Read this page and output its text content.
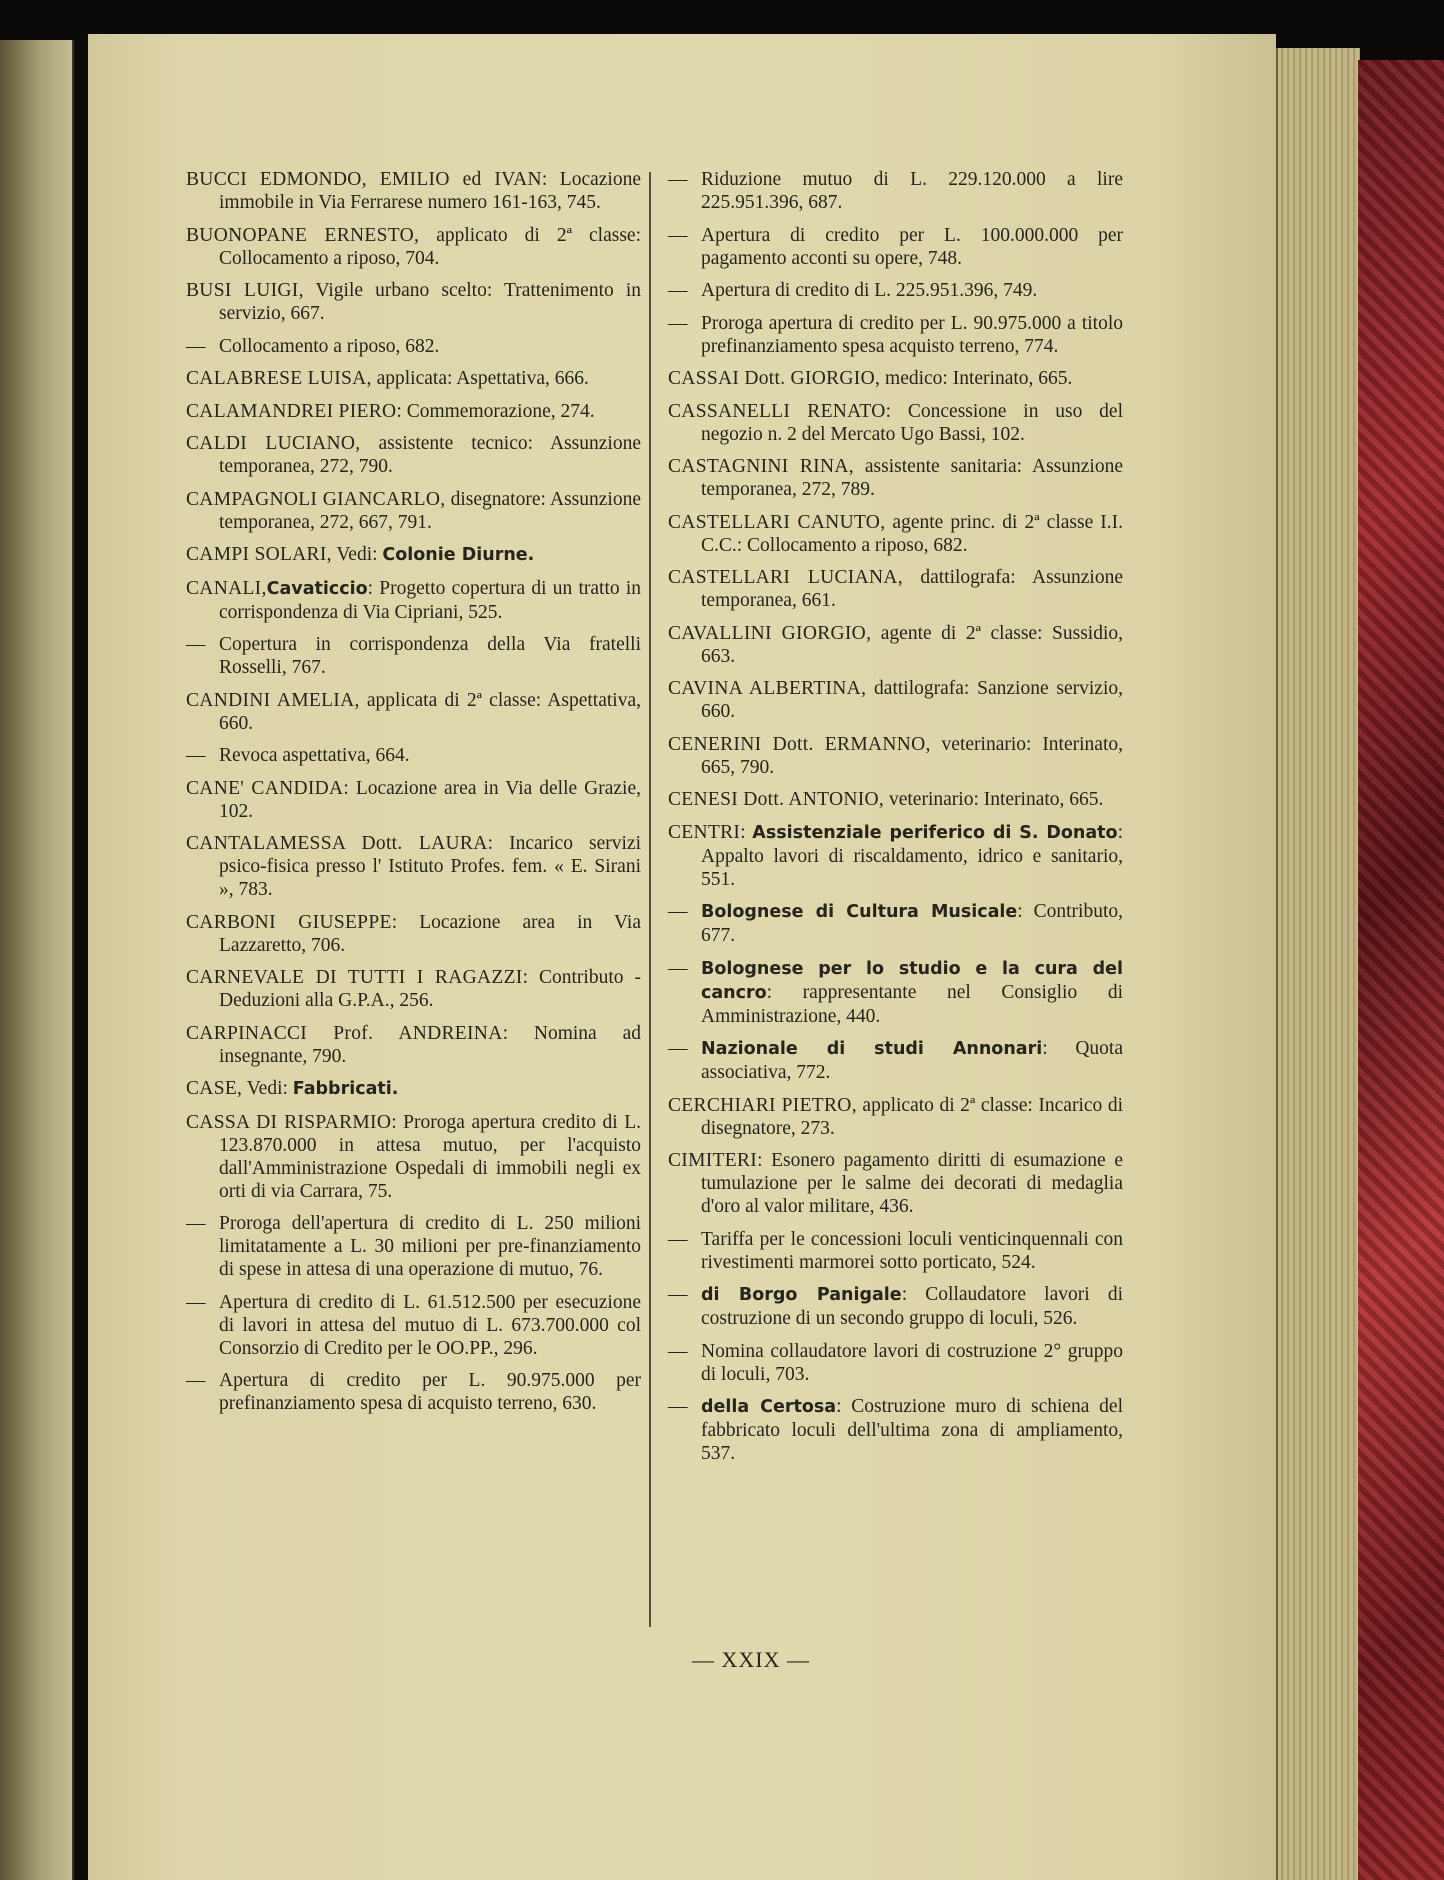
BUCCI EDMONDO, EMILIO ed IVAN: Locazione immobile in Via Ferrarese numero 161-163, 745.
BUONOPANE ERNESTO, applicato di 2ª classe: Collocamento a riposo, 704.
BUSI LUIGI, Vigile urbano scelto: Trattenimento in servizio, 667.
— Collocamento a riposo, 682.
CALABRESE LUISA, applicata: Aspettativa, 666.
CALAMANDREI PIERO: Commemorazione, 274.
CALDI LUCIANO, assistente tecnico: Assunzione temporanea, 272, 790.
CAMPAGNOLI GIANCARLO, disegnatore: Assunzione temporanea, 272, 667, 791.
CAMPI SOLARI, Vedi: Colonie Diurne.
CANALI,Cavaticcio: Progetto copertura di un tratto in corrispondenza di Via Cipriani, 525.
— Copertura in corrispondenza della Via fratelli Rosselli, 767.
CANDINI AMELIA, applicata di 2ª classe: Aspettativa, 660.
— Revoca aspettativa, 664.
CANE' CANDIDA: Locazione area in Via delle Grazie, 102.
CANTALAMESSA Dott. LAURA: Incarico servizi psico-fisica presso l' Istituto Profes. fem. « E. Sirani », 783.
CARBONI GIUSEPPE: Locazione area in Via Lazzaretto, 706.
CARNEVALE DI TUTTI I RAGAZZI: Contributo - Deduzioni alla G.P.A., 256.
CARPINACCI Prof. ANDREINA: Nomina ad insegnante, 790.
CASE, Vedi: Fabbricati.
CASSA DI RISPARMIO: Proroga apertura credito di L. 123.870.000 in attesa mutuo, per l'acquisto dall'Amministrazione Ospedali di immobili negli ex orti di via Carrara, 75.
— Proroga dell'apertura di credito di L. 250 milioni limitatamente a L. 30 milioni per pre-finanziamento di spese in attesa di una operazione di mutuo, 76.
— Apertura di credito di L. 61.512.500 per esecuzione di lavori in attesa del mutuo di L. 673.700.000 col Consorzio di Credito per le OO.PP., 296.
— Apertura di credito per L. 90.975.000 per prefinanziamento spesa di acquisto terreno, 630.
— Riduzione mutuo di L. 229.120.000 a lire 225.951.396, 687.
— Apertura di credito per L. 100.000.000 per pagamento acconti su opere, 748.
— Apertura di credito di L. 225.951.396, 749.
— Proroga apertura di credito per L. 90.975.000 a titolo prefinanziamento spesa acquisto terreno, 774.
CASSAI Dott. GIORGIO, medico: Interinato, 665.
CASSANELLI RENATO: Concessione in uso del negozio n. 2 del Mercato Ugo Bassi, 102.
CASTAGNINI RINA, assistente sanitaria: Assunzione temporanea, 272, 789.
CASTELLARI CANUTO, agente princ. di 2ª classe I.I. C.C.: Collocamento a riposo, 682.
CASTELLARI LUCIANA, dattilografa: Assunzione temporanea, 661.
CAVALLINI GIORGIO, agente di 2ª classe: Sussidio, 663.
CAVINA ALBERTINA, dattilografa: Sanzione servizio, 660.
CENERINI Dott. ERMANNO, veterinario: Interinato, 665, 790.
CENESI Dott. ANTONIO, veterinario: Interinato, 665.
CENTRI: Assistenziale periferico di S. Donato: Appalto lavori di riscaldamento, idrico e sanitario, 551.
— Bolognese di Cultura Musicale: Contributo, 677.
— Bolognese per lo studio e la cura del cancro: rappresentante nel Consiglio di Amministrazione, 440.
— Nazionale di studi Annonari: Quota associativa, 772.
CERCHIARI PIETRO, applicato di 2ª classe: Incarico di disegnatore, 273.
CIMITERI: Esonero pagamento diritti di esumazione e tumulazione per le salme dei decorati di medaglia d'oro al valor militare, 436.
— Tariffa per le concessioni loculi venticinquennali con rivestimenti marmorei sotto porticato, 524.
— di Borgo Panigale: Collaudatore lavori di costruzione di un secondo gruppo di loculi, 526.
— Nomina collaudatore lavori di costruzione 2° gruppo di loculi, 703.
— della Certosa: Costruzione muro di schiena del fabbricato loculi dell'ultima zona di ampliamento, 537.
— XXIX —
